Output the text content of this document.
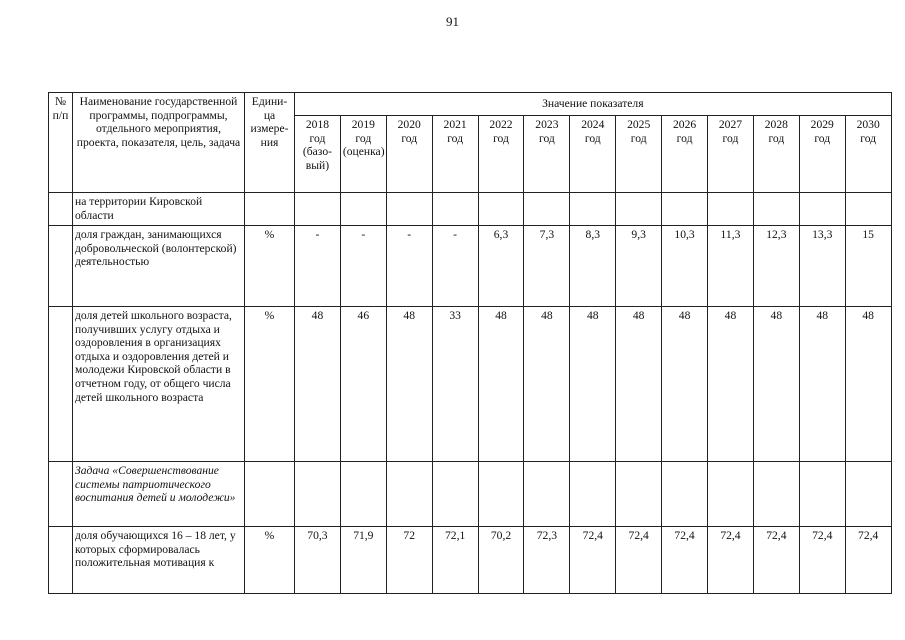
91
№ п/п	Наименование государственной программы, подпрограммы, отдельного мероприятия, проекта, показателя, цель, задача	Едини-ца измере-ния	Значение показателя												
			2018 год (базо-вый)	2019 год (оценка)	2020 год	2021 год	2022 год	2023 год	2024 год	2025 год	2026 год	2027 год	2028 год	2029 год	2030 год
	на территории Кировской области														
	доля граждан, занимающихся добровольческой (волонтерской) деятельностью	%	-	-	-	-	6,3	7,3	8,3	9,3	10,3	11,3	12,3	13,3	15
	доля детей школьного возраста, получивших услугу отдыха и оздоровления в организациях отдыха и оздоровления детей и молодежи Кировской области в отчетном году, от общего числа детей школьного возраста	%	48	46	48	33	48	48	48	48	48	48	48	48	48
	Задача «Совершенствование системы патриотического воспитания детей и молодежи»														
	доля обучающихся 16 – 18 лет, у которых сформировалась положительная мотивация к	%	70,3	71,9	72	72,1	70,2	72,3	72,4	72,4	72,4	72,4	72,4	72,4	72,4
